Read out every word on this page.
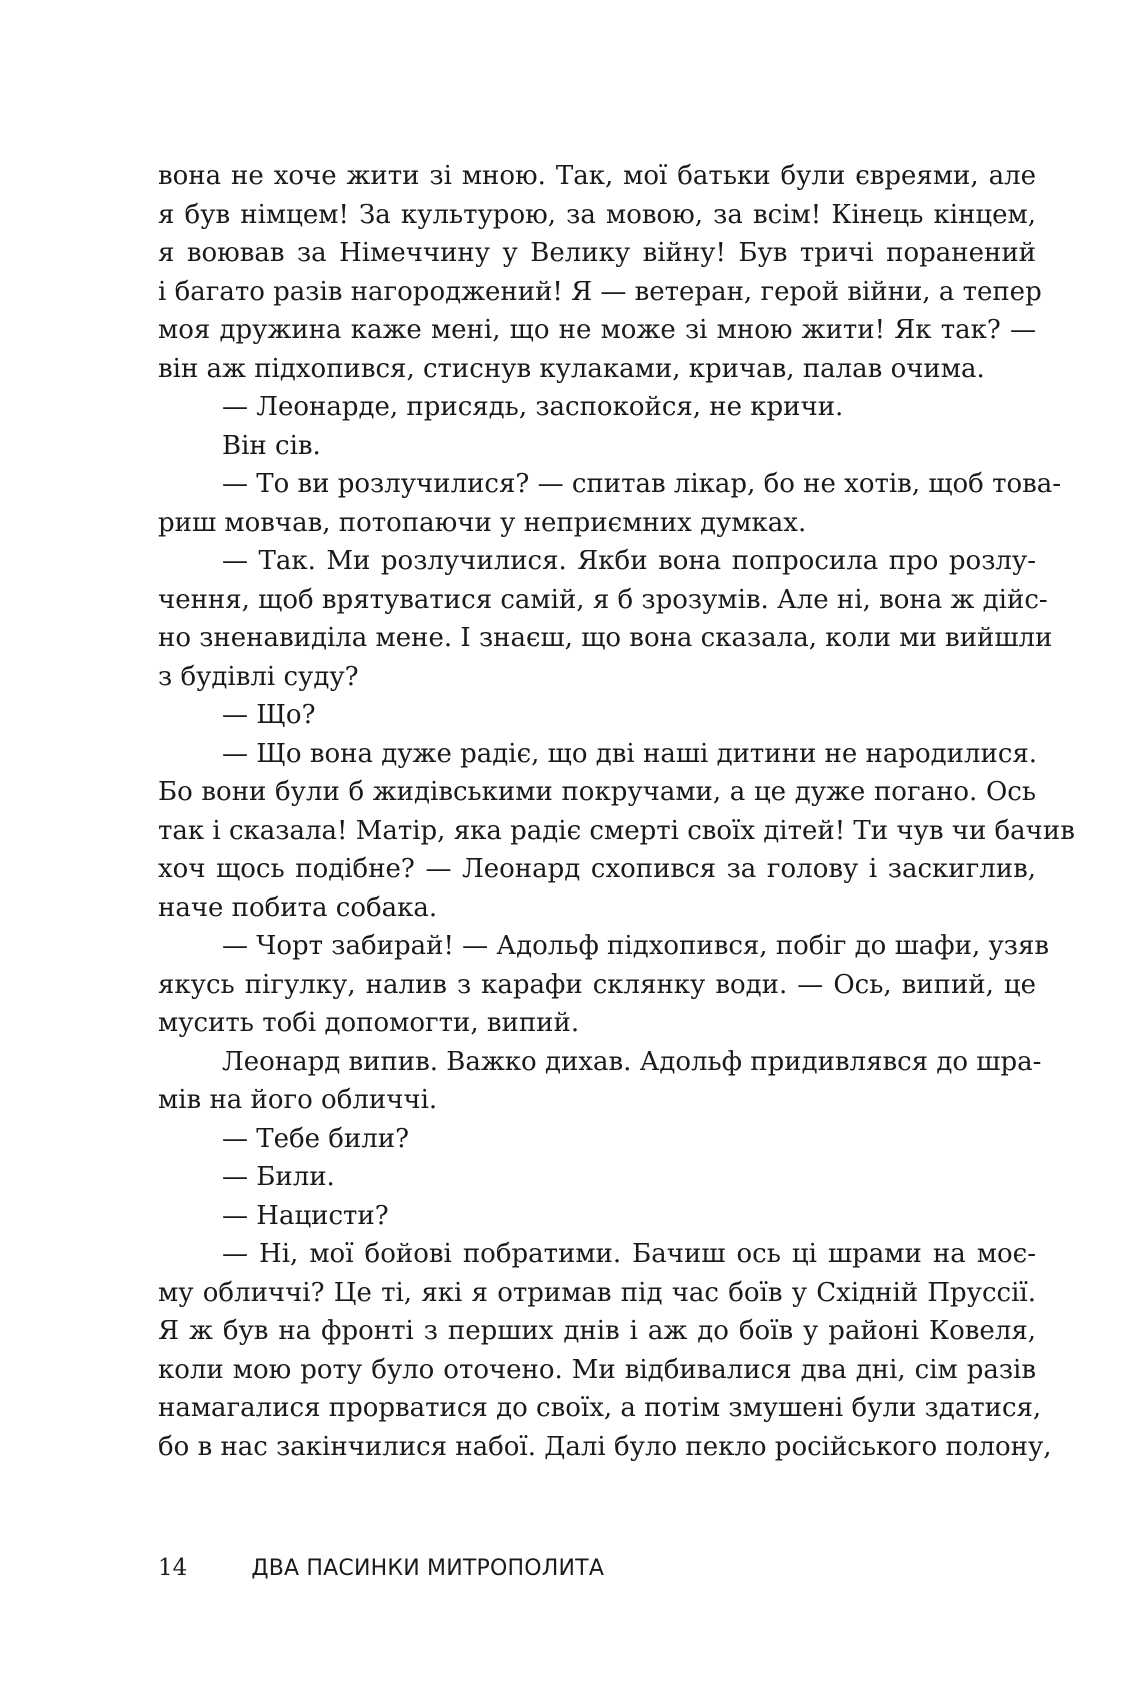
вона не хоче жити зі мною. Так, мої батьки були євреями, але
я був німцем! За культурою, за мовою, за всім! Кінець кінцем,
я воював за Німеччину у Велику війну! Був тричі поранений
і багато разів нагороджений! Я — ветеран, герой війни, а тепер
моя дружина каже мені, що не може зі мною жити! Як так? —
він аж підхопився, стиснув кулаками, кричав, палав очима.
— Леонарде, присядь, заспокойся, не кричи.
Він сів.
— То ви розлучилися? — спитав лікар, бо не хотів, щоб това-
риш мовчав, потопаючи у неприємних думках.
— Так. Ми розлучилися. Якби вона попросила про розлу-
чення, щоб врятуватися самій, я б зрозумів. Але ні, вона ж дійс-
но зненавиділа мене. І знаєш, що вона сказала, коли ми вийшли
з будівлі суду?
— Що?
— Що вона дуже радіє, що дві наші дитини не народилися.
Бо вони були б жидівськими покручами, а це дуже погано. Ось
так і сказала! Матір, яка радіє смерті своїх дітей! Ти чув чи бачив
хоч щось подібне? — Леонард схопився за голову і заскиглив,
наче побита собака.
— Чорт забирай! — Адольф підхопився, побіг до шафи, узяв
якусь пігулку, налив з карафи склянку води. — Ось, випий, це
мусить тобі допомогти, випий.
Леонард випив. Важко дихав. Адольф придивлявся до шра-
мів на його обличчі.
— Тебе били?
— Били.
— Нацисти?
— Ні, мої бойові побратими. Бачиш ось ці шрами на моє-
му обличчі? Це ті, які я отримав під час боїв у Східній Пруссії.
Я ж був на фронті з перших днів і аж до боїв у районі Ковеля,
коли мою роту було оточено. Ми відбивалися два дні, сім разів
намагалися прорватися до своїх, а потім змушені були здатися,
бо в нас закінчилися набої. Далі було пекло російського полону,
14	ДВА ПАСИНКИ МИТРОПОЛИТА
